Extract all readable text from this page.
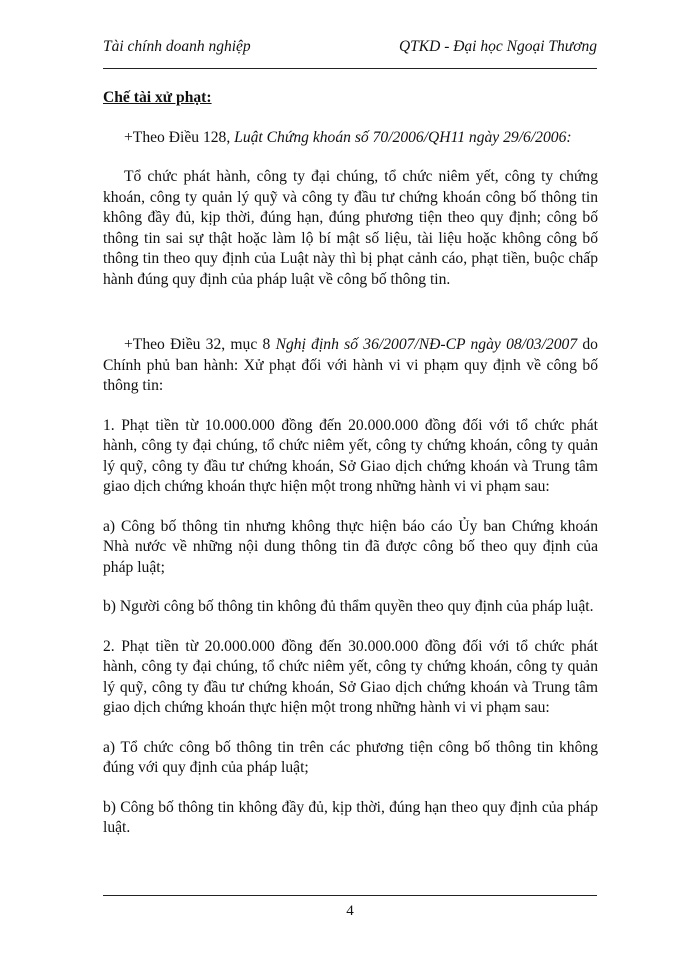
Tài chính doanh nghiệp	QTKD - Đại học Ngoại Thương

Chế tài xử phạt:

+Theo Điều 128, Luật Chứng khoán số 70/2006/QH11 ngày 29/6/2006:

Tổ chức phát hành, công ty đại chúng, tổ chức niêm yết, công ty chứng khoán, công ty quản lý quỹ và công ty đầu tư chứng khoán công bố thông tin không đầy đủ, kịp thời, đúng hạn, đúng phương tiện theo quy định; công bố thông tin sai sự thật hoặc làm lộ bí mật số liệu, tài liệu hoặc không công bố thông tin theo quy định của Luật này thì bị phạt cảnh cáo, phạt tiền, buộc chấp hành đúng quy định của pháp luật về công bố thông tin.

+Theo Điều 32, mục 8 Nghị định số 36/2007/NĐ-CP ngày 08/03/2007 do Chính phủ ban hành: Xử phạt đối với hành vi vi phạm quy định về công bố thông tin:

1. Phạt tiền từ 10.000.000 đồng đến 20.000.000 đồng đối với tổ chức phát hành, công ty đại chúng, tổ chức niêm yết, công ty chứng khoán, công ty quản lý quỹ, công ty đầu tư chứng khoán, Sở Giao dịch chứng khoán và Trung tâm giao dịch chứng khoán thực hiện một trong những hành vi vi phạm sau:

a) Công bố thông tin nhưng không thực hiện báo cáo Ủy ban Chứng khoán Nhà nước về những nội dung thông tin đã được công bố theo quy định của pháp luật;

b) Người công bố thông tin không đủ thẩm quyền theo quy định của pháp luật.

2. Phạt tiền từ 20.000.000 đồng đến 30.000.000 đồng đối với tổ chức phát hành, công ty đại chúng, tổ chức niêm yết, công ty chứng khoán, công ty quản lý quỹ, công ty đầu tư chứng khoán, Sở Giao dịch chứng khoán và Trung tâm giao dịch chứng khoán thực hiện một trong những hành vi vi phạm sau:

a) Tổ chức công bố thông tin trên các phương tiện công bố thông tin không đúng với quy định của pháp luật;

b) Công bố thông tin không đầy đủ, kịp thời, đúng hạn theo quy định của pháp luật.

4
